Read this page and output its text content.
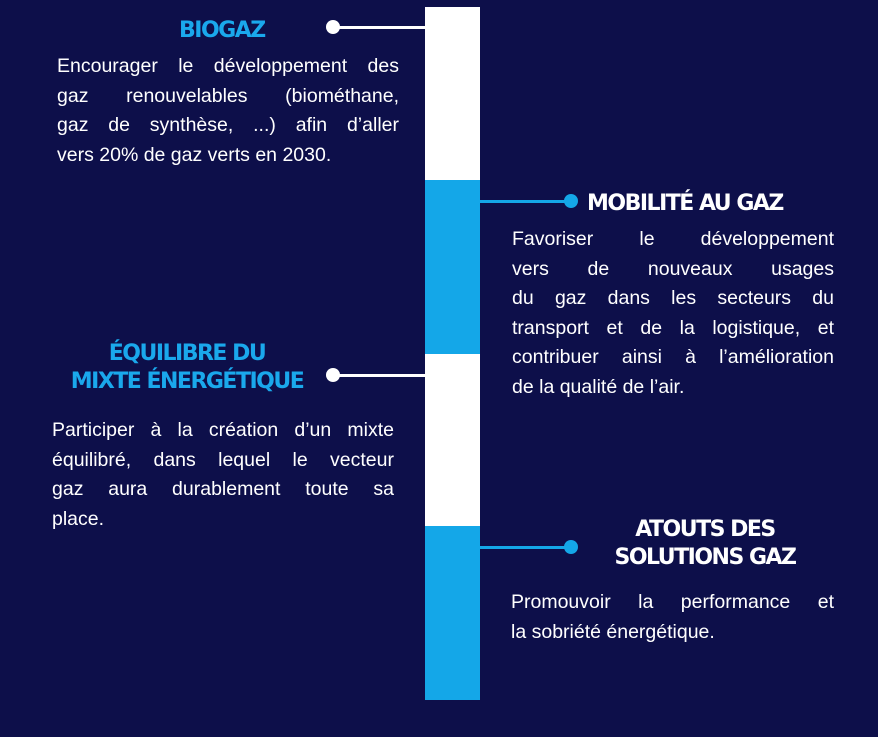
BIOGAZ
Encourager le développement des
gaz renouvelables (biométhane,
gaz de synthèse, ...) afin d’aller
vers 20% de gaz verts en 2030.
MOBILITÉ AU GAZ
Favoriser le développement
vers de nouveaux usages
du gaz dans les secteurs du
transport et de la logistique, et
contribuer ainsi à l’amélioration
de la qualité de l’air.
ÉQUILIBRE DU
MIXTE ÉNERGÉTIQUE
Participer à la création d’un mixte
équilibré, dans lequel le vecteur
gaz aura durablement toute sa
place.	ATOUTS DES
SOLUTIONS GAZ
Promouvoir la performance et
la sobriété énergétique.
